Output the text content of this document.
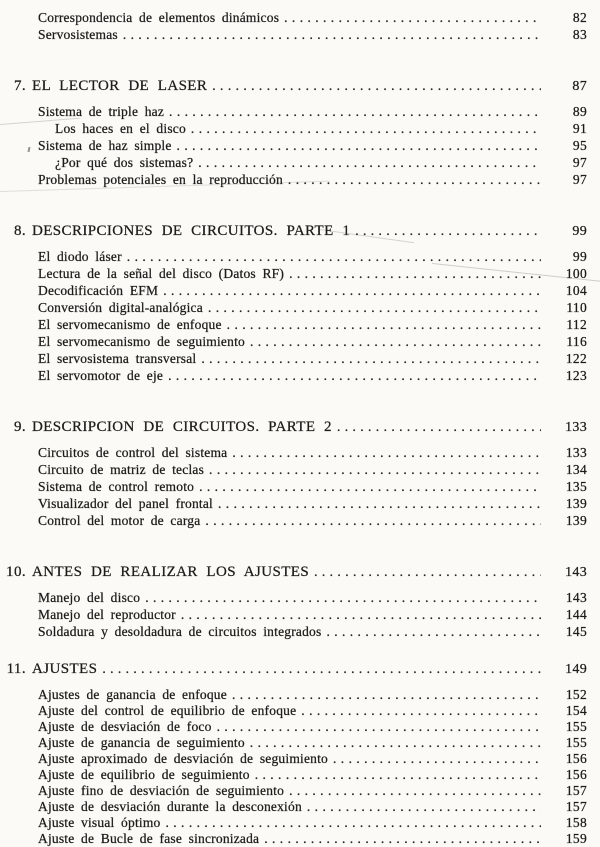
Correspondencia de elementos dinámicos .....	82
Servosistemas .....	83
7. EL LECTOR DE LASER .....	87
Sistema de triple haz .....	89
Los haces en el disco .....	91
Sistema de haz simple .....	95
¿Por qué dos sistemas? .....	97
Problemas potenciales en la reproducción .....	97
8. DESCRIPCIONES DE CIRCUITOS. PARTE 1 .....	99
El diodo láser .....	99
Lectura de la señal del disco (Datos RF) .....	100
Decodificación EFM .....	104
Conversión digital-analógica .....	110
El servomecanismo de enfoque .....	112
El servomecanismo de seguimiento .....	116
El servosistema transversal .....	122
El servomotor de eje .....	123
9. DESCRIPCION DE CIRCUITOS. PARTE 2 .....	133
Circuitos de control del sistema .....	133
Circuito de matriz de teclas .....	134
Sistema de control remoto .....	135
Visualizador del panel frontal .....	139
Control del motor de carga .....	139
10. ANTES DE REALIZAR LOS AJUSTES .....	143
Manejo del disco .....	143
Manejo del reproductor .....	144
Soldadura y desoldadura de circuitos integrados .....	145
11. AJUSTES .....	149
Ajustes de ganancia de enfoque .....	152
Ajuste del control de equilibrio de enfoque .....	154
Ajuste de desviación de foco .....	155
Ajuste de ganancia de seguimiento .....	155
Ajuste aproximado de desviación de seguimiento .....	156
Ajuste de equilibrio de seguimiento .....	156
Ajuste fino de desviación de seguimiento .....	157
Ajuste de desviación durante la desconexión .....	157
Ajuste visual óptimo .....	158
Ajuste de Bucle de fase sincronizada .....	159
